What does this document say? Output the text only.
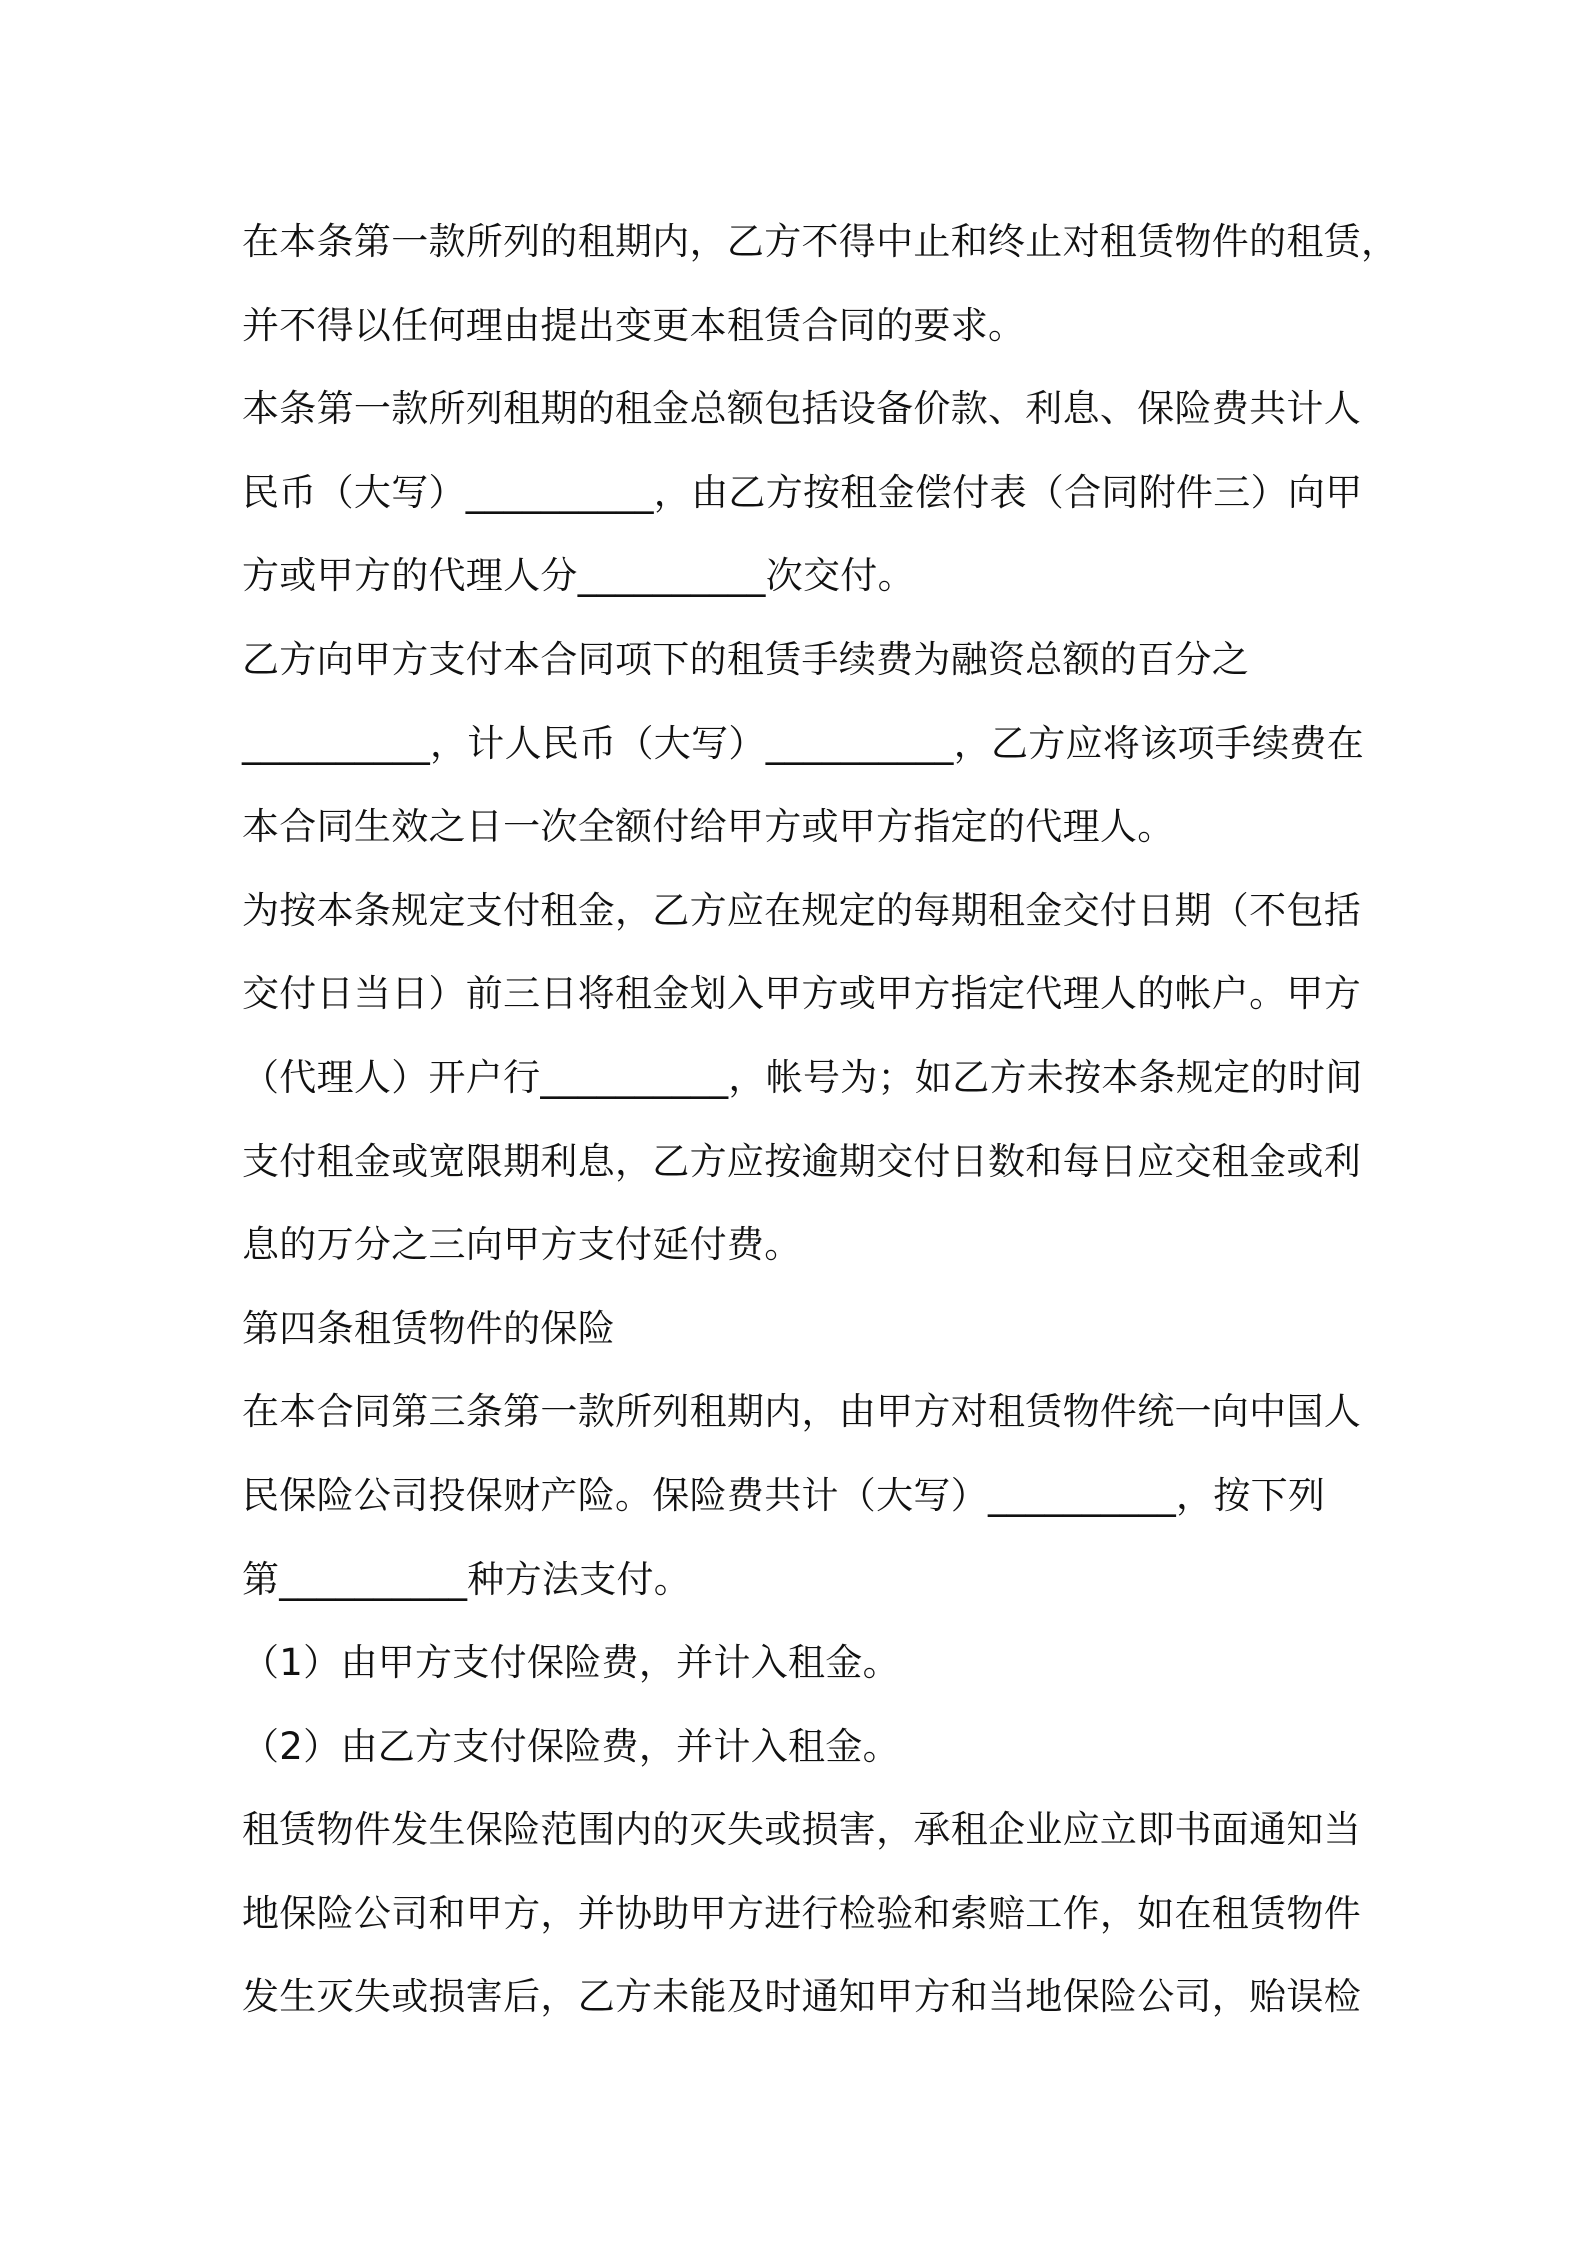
在本条第一款所列的租期内，乙方不得中止和终止对租赁物件的租赁，
并不得以任何理由提出变更本租赁合同的要求。
本条第一款所列租期的租金总额包括设备价款、利息、保险费共计人
民币（大写）__________，由乙方按租金偿付表（合同附件三）向甲
方或甲方的代理人分__________次交付。
乙方向甲方支付本合同项下的租赁手续费为融资总额的百分之
__________，计人民币（大写）__________，乙方应将该项手续费在
本合同生效之日一次全额付给甲方或甲方指定的代理人。
为按本条规定支付租金，乙方应在规定的每期租金交付日期（不包括
交付日当日）前三日将租金划入甲方或甲方指定代理人的帐户。甲方
（代理人）开户行__________，帐号为；如乙方未按本条规定的时间
支付租金或宽限期利息，乙方应按逾期交付日数和每日应交租金或利
息的万分之三向甲方支付延付费。
第四条租赁物件的保险
在本合同第三条第一款所列租期内，由甲方对租赁物件统一向中国人
民保险公司投保财产险。保险费共计（大写）__________，按下列
第__________种方法支付。
（1）由甲方支付保险费，并计入租金。
（2）由乙方支付保险费，并计入租金。
租赁物件发生保险范围内的灭失或损害，承租企业应立即书面通知当
地保险公司和甲方，并协助甲方进行检验和索赔工作，如在租赁物件
发生灭失或损害后，乙方未能及时通知甲方和当地保险公司，贻误检
